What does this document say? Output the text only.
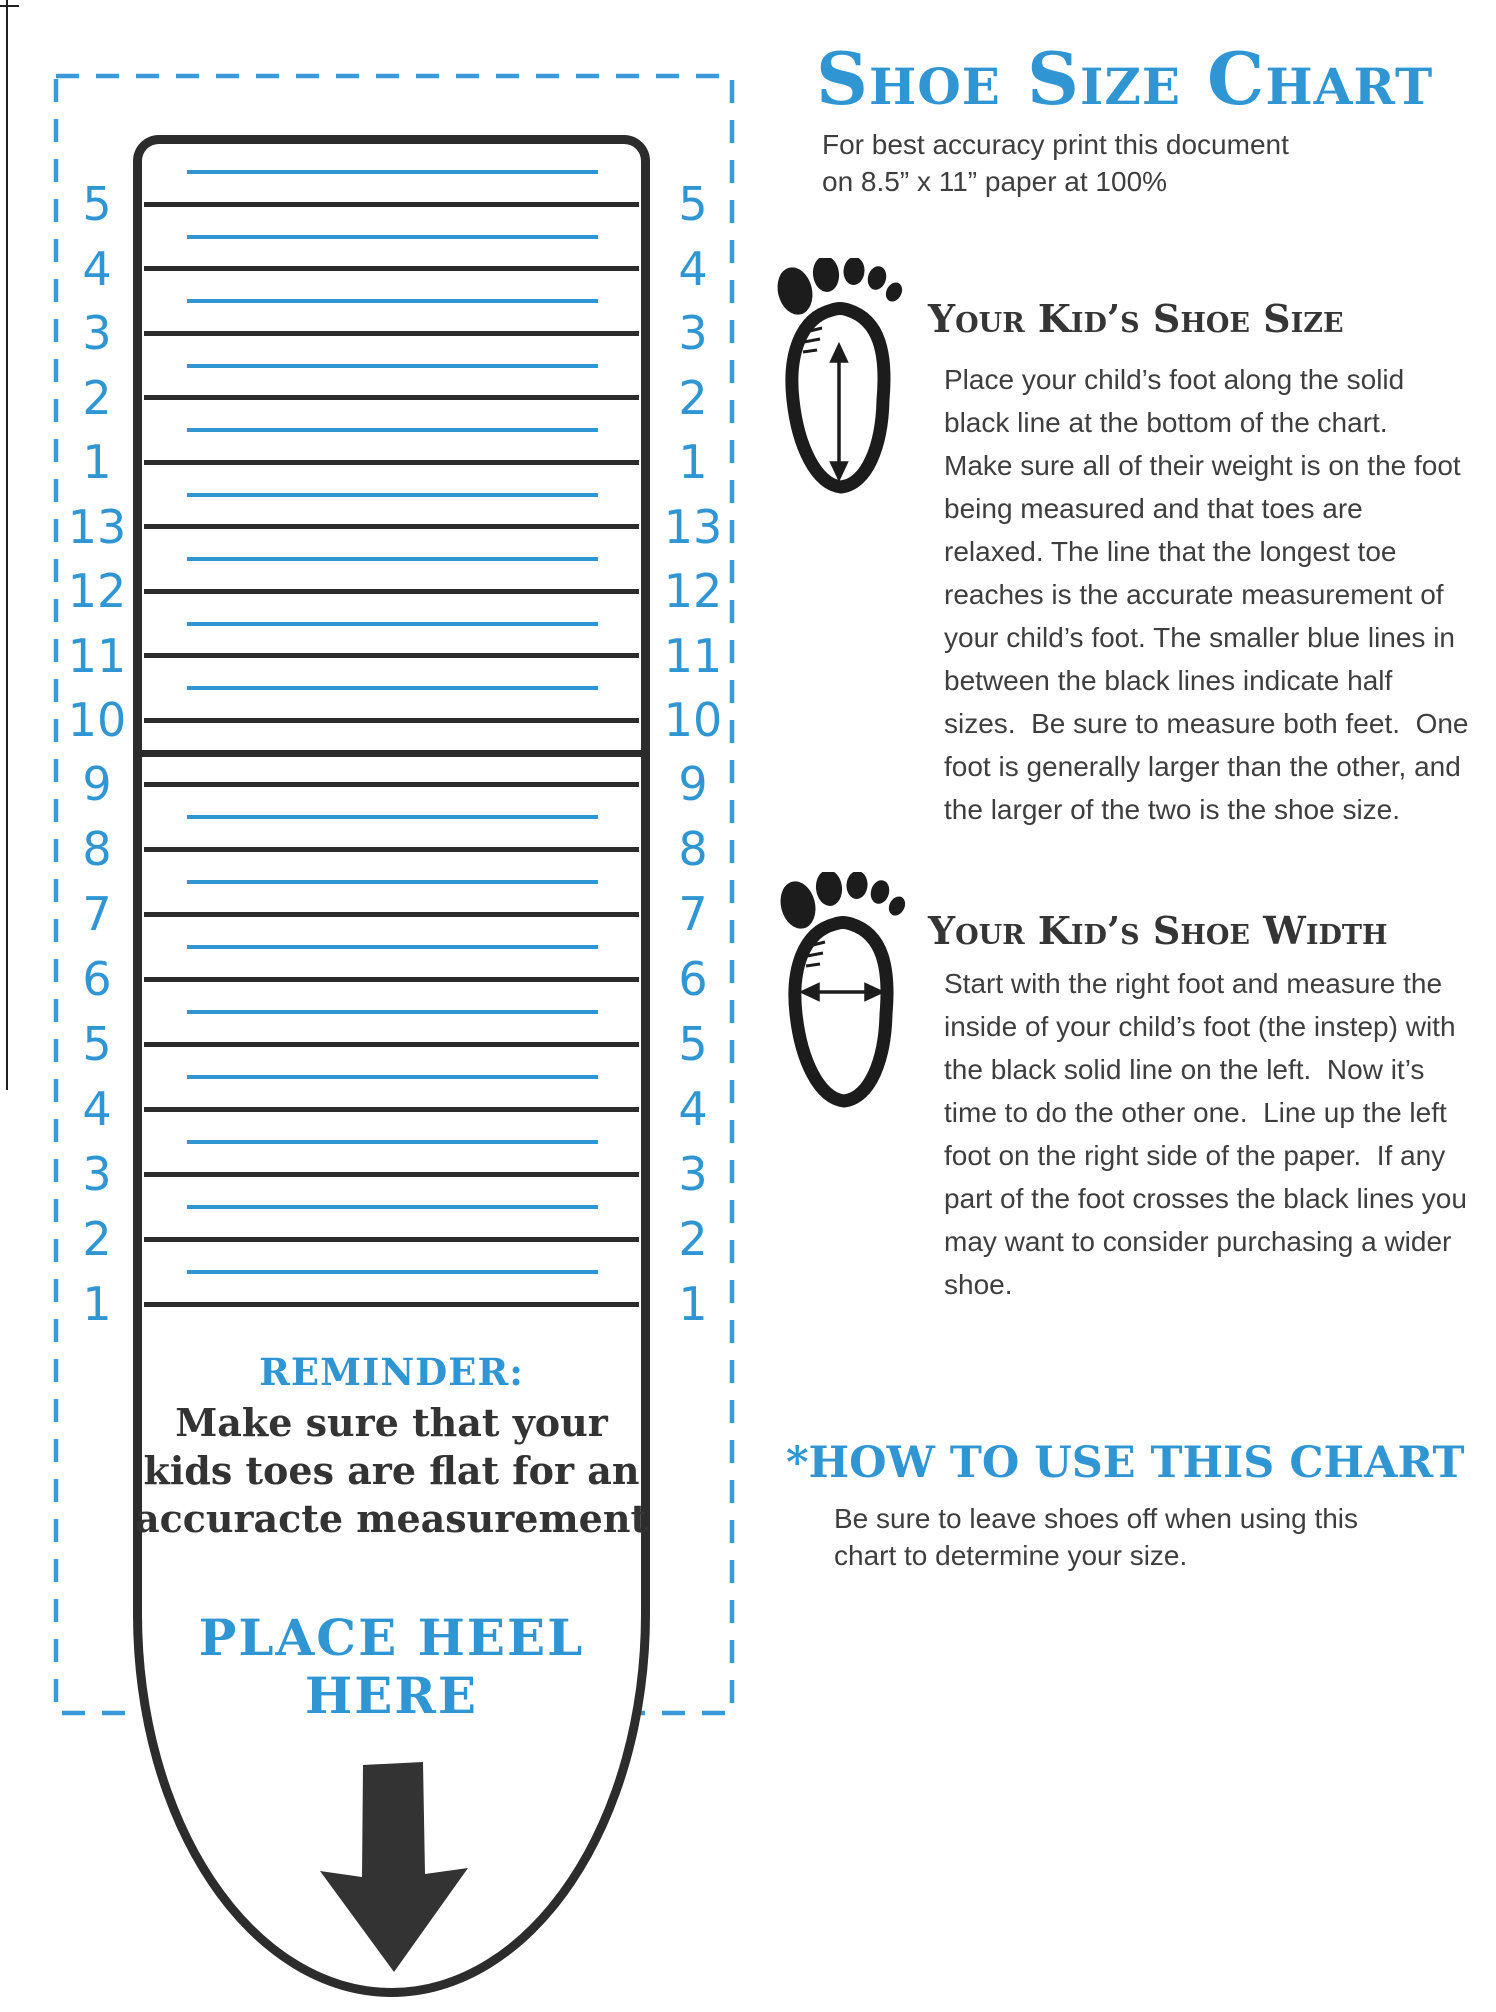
REMINDER:
Make sure that your
kids toes are flat for an
accuracte measurement
PLACE HEEL
HERE
Shoe Size Chart
For best accuracy print this document
on 8.5” x 11” paper at 100%
Your Kid’s Shoe Size
Place your child’s foot along the solid black line at the bottom of the chart.  Make sure all of their weight is on the foot being measured and that toes are relaxed. The line that the longest toe reaches is the accurate measurement of your child’s foot. The smaller blue lines in between the black lines indicate half sizes.  Be sure to measure both feet.  One foot is generally larger than the other, and the larger of the two is the shoe size.
Your Kid’s Shoe Width
Start with the right foot and measure the inside of your child’s foot (the instep) with the black solid line on the left.  Now it’s time to do the other one.  Line up the left foot on the right side of the paper.  If any part of the foot crosses the black lines you may want to consider purchasing a wider shoe.
*HOW TO USE THIS CHART
Be sure to leave shoes off when using this chart to determine your size.
5	5
4	4
3	3
2	2
1	1
13	13
12	12
11	11
10	10
9	9
8	8
7	7
6	6
5	5
4	4
3	3
2	2
1	1
